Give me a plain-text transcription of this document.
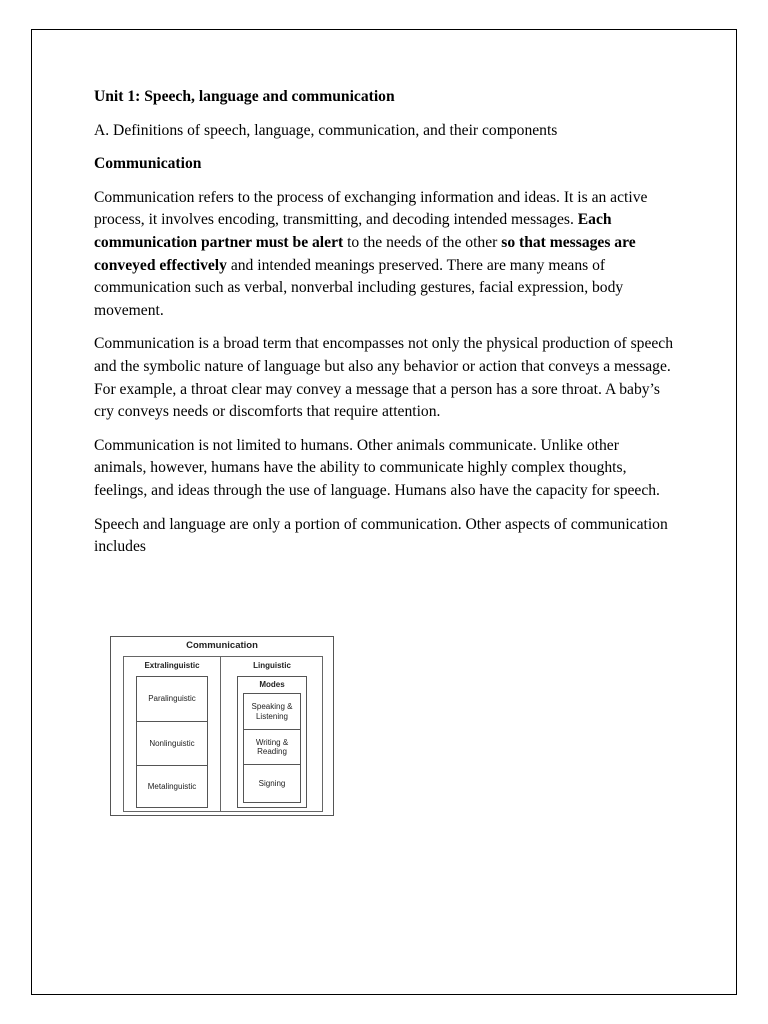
Unit 1: Speech, language and communication

A. Definitions of speech, language, communication, and their components

Communication

Communication refers to the process of exchanging information and ideas. It is an active process, it involves encoding, transmitting, and decoding intended messages. Each communication partner must be alert to the needs of the other so that messages are conveyed effectively and intended meanings preserved. There are many means of communication such as verbal, nonverbal including gestures, facial expression, body movement.

Communication is a broad term that encompasses not only the physical production of speech and the symbolic nature of language but also any behavior or action that conveys a message. For example, a throat clear may convey a message that a person has a sore throat. A baby’s cry conveys needs or discomforts that require attention.

Communication is not limited to humans. Other animals communicate. Unlike other animals, however, humans have the ability to communicate highly complex thoughts, feelings, and ideas through the use of language. Humans also have the capacity for speech.

Speech and language are only a portion of communication. Other aspects of communication includes

Communication
Extralinguistic	Linguistic
Paralinguistic
Nonlinguistic
Metalinguistic
Modes
Speaking &
Listening
Writing &
Reading
Signing
